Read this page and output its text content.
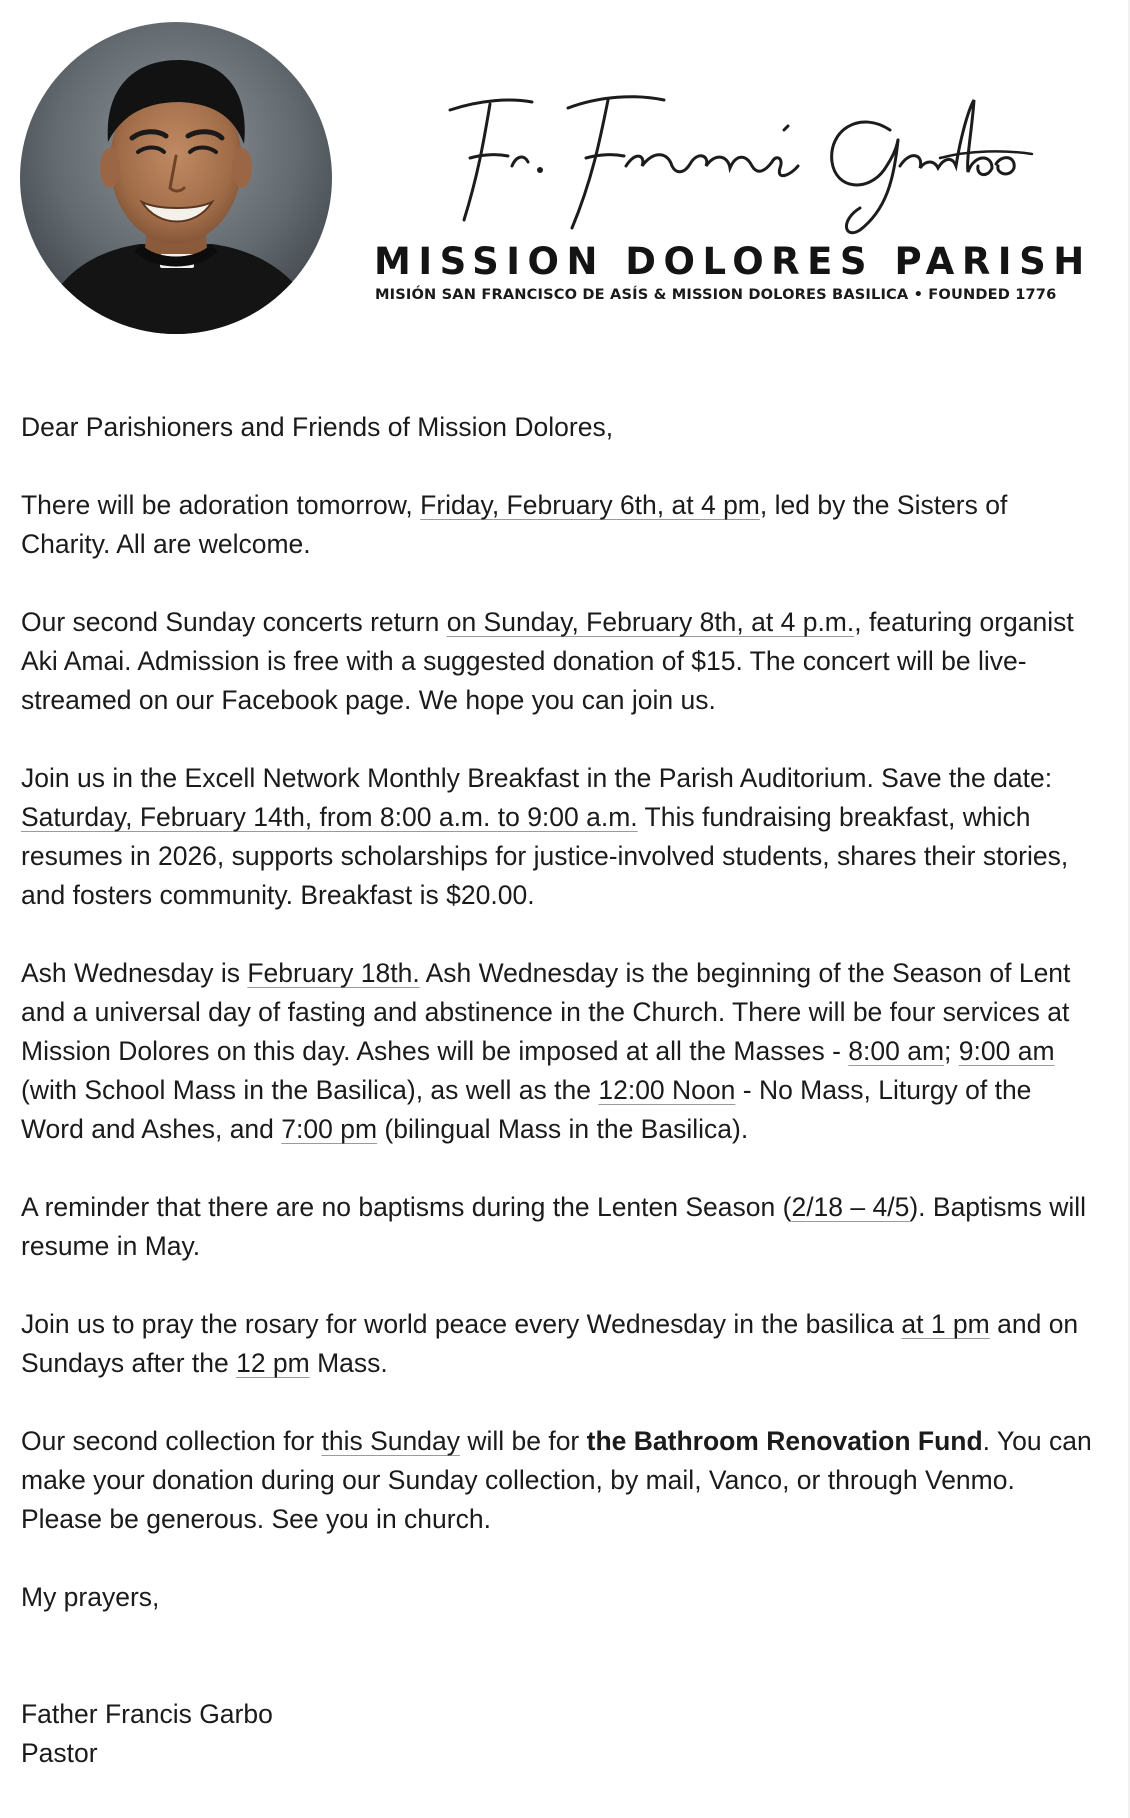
MISSION DOLORES PARISH
MISIÓN SAN FRANCISCO DE ASÍS & MISSION DOLORES BASILICA • FOUNDED 1776

Dear Parishioners and Friends of Mission Dolores,

There will be adoration tomorrow, Friday, February 6th, at 4 pm, led by the Sisters of Charity. All are welcome.

Our second Sunday concerts return on Sunday, February 8th, at 4 p.m., featuring organist Aki Amai. Admission is free with a suggested donation of $15. The concert will be live-streamed on our Facebook page. We hope you can join us.

Join us in the Excell Network Monthly Breakfast in the Parish Auditorium. Save the date: Saturday, February 14th, from 8:00 a.m. to 9:00 a.m. This fundraising breakfast, which resumes in 2026, supports scholarships for justice-involved students, shares their stories, and fosters community. Breakfast is $20.00.

Ash Wednesday is February 18th. Ash Wednesday is the beginning of the Season of Lent and a universal day of fasting and abstinence in the Church. There will be four services at Mission Dolores on this day. Ashes will be imposed at all the Masses - 8:00 am; 9:00 am (with School Mass in the Basilica), as well as the 12:00 Noon - No Mass, Liturgy of the Word and Ashes, and 7:00 pm (bilingual Mass in the Basilica).

A reminder that there are no baptisms during the Lenten Season (2/18 – 4/5). Baptisms will resume in May.

Join us to pray the rosary for world peace every Wednesday in the basilica at 1 pm and on Sundays after the 12 pm Mass.

Our second collection for this Sunday will be for the Bathroom Renovation Fund. You can make your donation during our Sunday collection, by mail, Vanco, or through Venmo. Please be generous. See you in church.

My prayers,

Father Francis Garbo
Pastor
